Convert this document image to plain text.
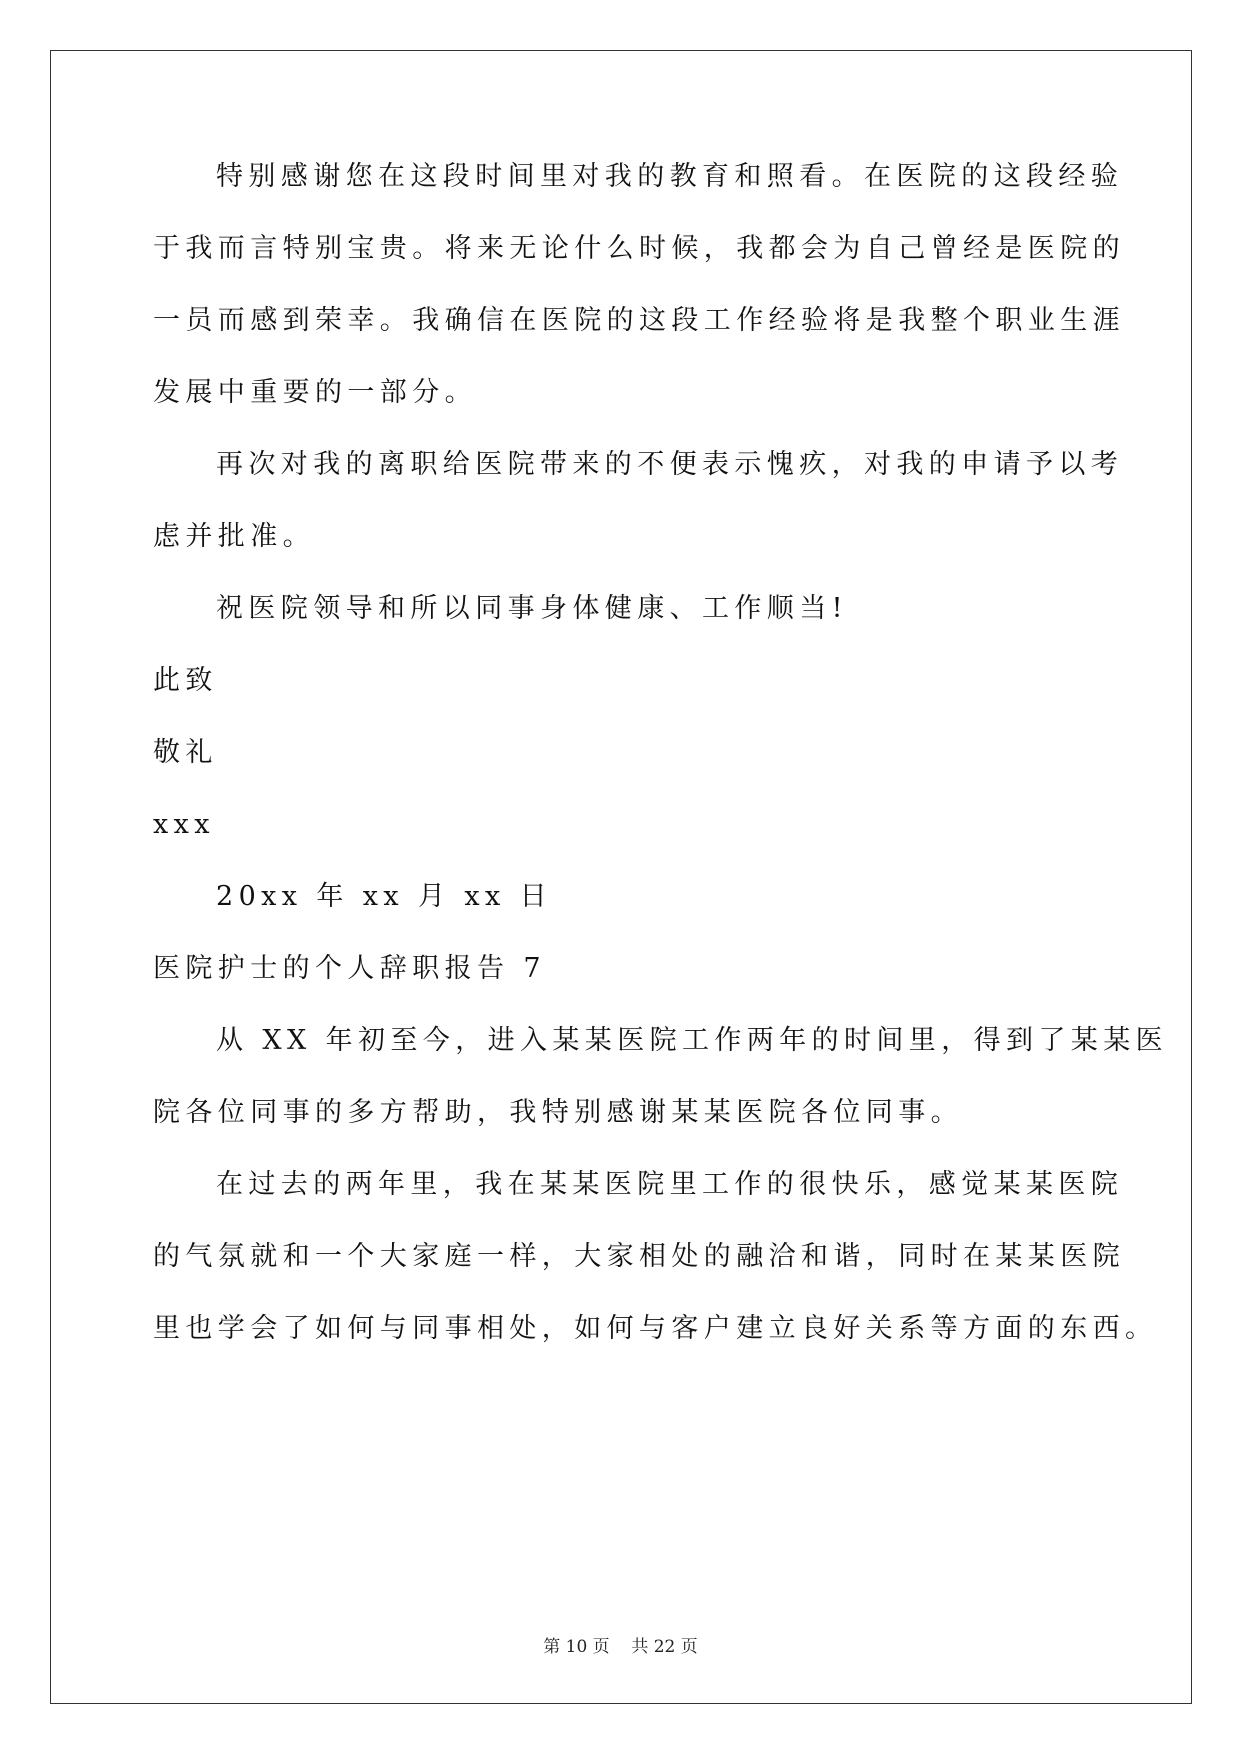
特别感谢您在这段时间里对我的教育和照看。在医院的这段经验
于我而言特别宝贵。将来无论什么时候，我都会为自己曾经是医院的
一员而感到荣幸。我确信在医院的这段工作经验将是我整个职业生涯
发展中重要的一部分。
再次对我的离职给医院带来的不便表示愧疚，对我的申请予以考
虑并批准。
祝医院领导和所以同事身体健康、工作顺当!
此致
敬礼
xxx
20xx 年 xx 月 xx 日
医院护士的个人辞职报告 7
从 XX 年初至今，进入某某医院工作两年的时间里，得到了某某医
院各位同事的多方帮助，我特别感谢某某医院各位同事。
在过去的两年里，我在某某医院里工作的很快乐，感觉某某医院
的气氛就和一个大家庭一样，大家相处的融洽和谐，同时在某某医院
里也学会了如何与同事相处，如何与客户建立良好关系等方面的东西。
第 10 页 共 22 页
